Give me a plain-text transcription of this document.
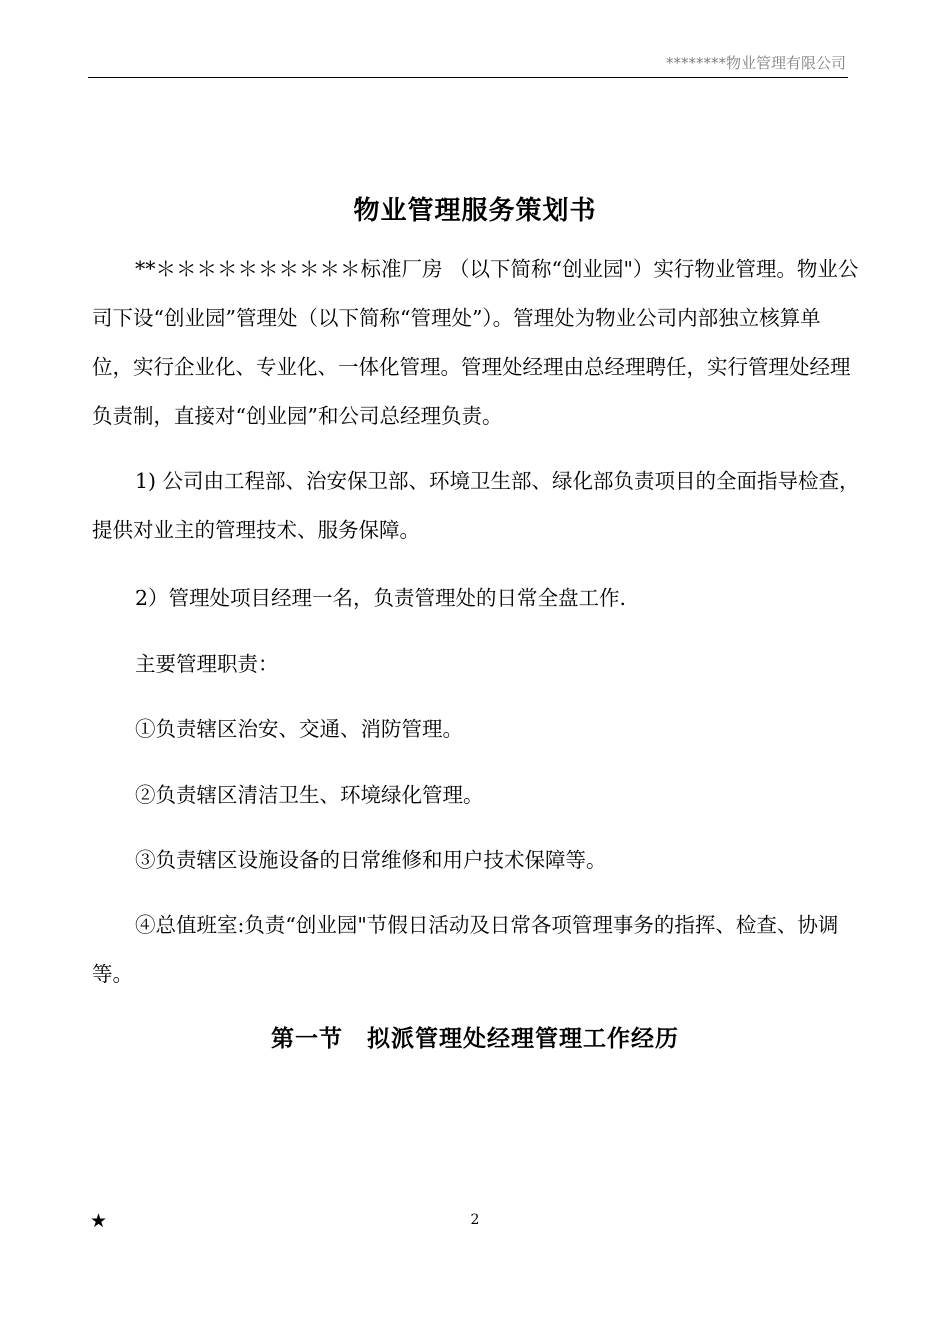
********物业管理有限公司
物业管理服务策划书

**＊＊＊＊＊＊＊＊＊＊标准厂房 （以下简称“创业园"）实行物业管理。物业公司下设“创业园”管理处（以下简称“管理处”）。管理处为物业公司内部独立核算单位，实行企业化、专业化、一体化管理。管理处经理由总经理聘任，实行管理处经理负责制，直接对“创业园”和公司总经理负责。

1) 公司由工程部、治安保卫部、环境卫生部、绿化部负责项目的全面指导检查，提供对业主的管理技术、服务保障。

2）管理处项目经理一名，负责管理处的日常全盘工作.

主要管理职责：

①负责辖区治安、交通、消防管理。

②负责辖区清洁卫生、环境绿化管理。

③负责辖区设施设备的日常维修和用户技术保障等。

④总值班室:负责“创业园"节假日活动及日常各项管理事务的指挥、检查、协调等。

第一节　拟派管理处经理管理工作经历
★	2
